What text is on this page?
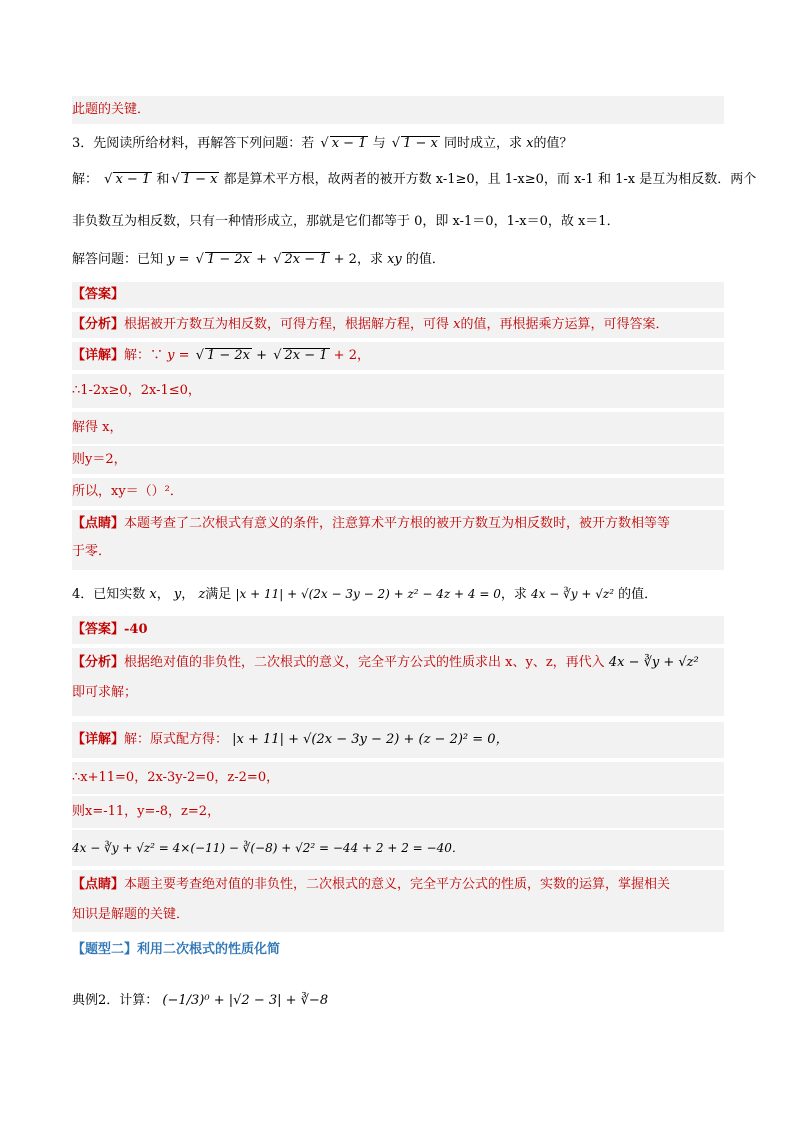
此题的关键．
3．先阅读所给材料，再解答下列问题：若 √ x − 1 与 √ 1 − x 同时成立，求 x的值？
解： √ x − 1 和 √ 1 − x 都是算术平方根，故两者的被开方数 x-1≥0，且 1-x≥0，而 x-1 和 1-x 是互为相反数．两个
非负数互为相反数，只有一种情形成立，那就是它们都等于 0，即 x-1＝0，1-x＝0，故 x＝1．
解答问题：已知 y = √ 1 − 2x + √ 2x − 1 + 2，求 xy 的值．
【答案】
【分析】根据被开方数互为相反数，可得方程，根据解方程，可得 x的值，再根据乘方运算，可得答案．
【详解】解：∵ y = √ 1 − 2x + √ 2x − 1 + 2，
∴1-2x≥0，2x-1≤0，
解得 x，
则y＝2，
所以，xy＝（）²．
【点睛】本题考查了二次根式有意义的条件，注意算术平方根的被开方数互为相反数时，被开方数相等等
于零．
4．已知实数 x， y， z满足 |x + 11| + √(2x − 3y − 2) + z² − 4z + 4 = 0，求 4x − ∛y + √z² 的值．
【答案】-40
【分析】根据绝对值的非负性，二次根式的意义，完全平方公式的性质求出 x、y、z，再代入 4x − ∛y + √z²
即可求解；
【详解】解：原式配方得： |x + 11| + √(2x − 3y − 2) + (z − 2)² = 0，
∴x+11=0，2x-3y-2=0，z-2=0，
则x=-11，y=-8，z=2，
4x − ∛y + √z² = 4×(−11) − ∛(−8) + √2² = −44 + 2 + 2 = −40．
【点睛】本题主要考查绝对值的非负性，二次根式的意义，完全平方公式的性质，实数的运算，掌握相关
知识是解题的关键．
【题型二】利用二次根式的性质化简
典例2．计算： (−1/3)⁰ + |√2 − 3| + ∛−8
